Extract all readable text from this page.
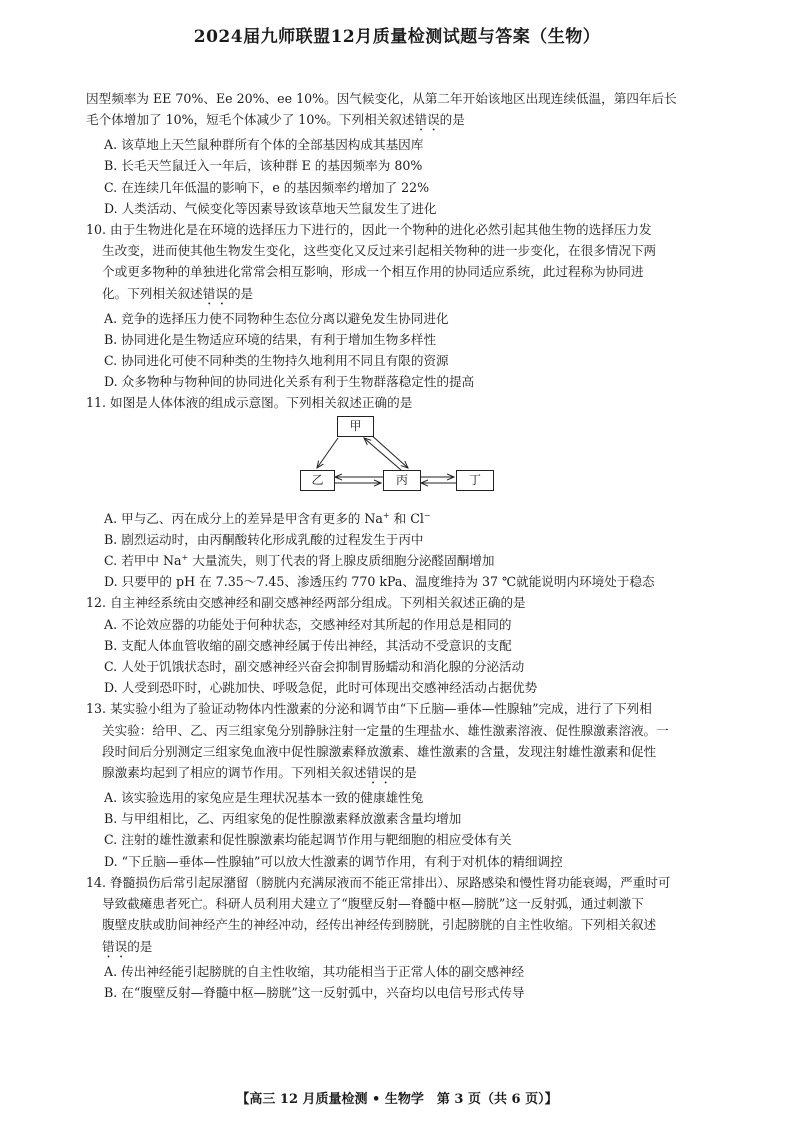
2024届九师联盟12月质量检测试题与答案（生物）
因型频率为 EE 70%、Ee 20%、ee 10%。因气候变化，从第二年开始该地区出现连续低温，第四年后长
毛个体增加了 10%，短毛个体减少了 10%。下列相关叙述错误的是
A. 该草地上天竺鼠种群所有个体的全部基因构成其基因库
B. 长毛天竺鼠迁入一年后，该种群 E 的基因频率为 80%
C. 在连续几年低温的影响下，e 的基因频率约增加了 22%
D. 人类活动、气候变化等因素导致该草地天竺鼠发生了进化
10. 由于生物进化是在环境的选择压力下进行的，因此一个物种的进化必然引起其他生物的选择压力发
生改变，进而使其他生物发生变化，这些变化又反过来引起相关物种的进一步变化，在很多情况下两
个或更多物种的单独进化常常会相互影响，形成一个相互作用的协同适应系统，此过程称为协同进
化。下列相关叙述错误的是
A. 竞争的选择压力使不同物种生态位分离以避免发生协同进化
B. 协同进化是生物适应环境的结果，有利于增加生物多样性
C. 协同进化可使不同种类的生物持久地利用不同且有限的资源
D. 众多物种与物种间的协同进化关系有利于生物群落稳定性的提高
11. 如图是人体体液的组成示意图。下列相关叙述正确的是
甲
乙	丙	丁
A. 甲与乙、丙在成分上的差异是甲含有更多的 Na+ 和 Cl−
B. 剧烈运动时，由丙酮酸转化形成乳酸的过程发生于丙中
C. 若甲中 Na+ 大量流失，则丁代表的肾上腺皮质细胞分泌醛固酮增加
D. 只要甲的 pH 在 7.35～7.45、渗透压约 770 kPa、温度维持为 37 ℃就能说明内环境处于稳态
12. 自主神经系统由交感神经和副交感神经两部分组成。下列相关叙述正确的是
A. 不论效应器的功能处于何种状态，交感神经对其所起的作用总是相同的
B. 支配人体血管收缩的副交感神经属于传出神经，其活动不受意识的支配
C. 人处于饥饿状态时，副交感神经兴奋会抑制胃肠蠕动和消化腺的分泌活动
D. 人受到恐吓时，心跳加快、呼吸急促，此时可体现出交感神经活动占据优势
13. 某实验小组为了验证动物体内性激素的分泌和调节由“下丘脑—垂体—性腺轴”完成，进行了下列相
关实验：给甲、乙、丙三组家兔分别静脉注射一定量的生理盐水、雄性激素溶液、促性腺激素溶液。一
段时间后分别测定三组家兔血液中促性腺激素释放激素、雄性激素的含量，发现注射雄性激素和促性
腺激素均起到了相应的调节作用。下列相关叙述错误的是
A. 该实验选用的家兔应是生理状况基本一致的健康雄性兔
B. 与甲组相比，乙、丙组家兔的促性腺激素释放激素含量均增加
C. 注射的雄性激素和促性腺激素均能起调节作用与靶细胞的相应受体有关
D. “下丘脑—垂体—性腺轴”可以放大性激素的调节作用，有利于对机体的精细调控
14. 脊髓损伤后常引起尿潴留（膀胱内充满尿液而不能正常排出）、尿路感染和慢性肾功能衰竭，严重时可
导致截瘫患者死亡。科研人员利用犬建立了“腹壁反射—脊髓中枢—膀胱”这一反射弧，通过刺激下
腹壁皮肤或肋间神经产生的神经冲动，经传出神经传到膀胱，引起膀胱的自主性收缩。下列相关叙述
错误的是
A. 传出神经能引起膀胱的自主性收缩，其功能相当于正常人体的副交感神经
B. 在“腹壁反射—脊髓中枢—膀胱”这一反射弧中，兴奋均以电信号形式传导
【高三 12 月质量检测 • 生物学　第 3 页（共 6 页）】
